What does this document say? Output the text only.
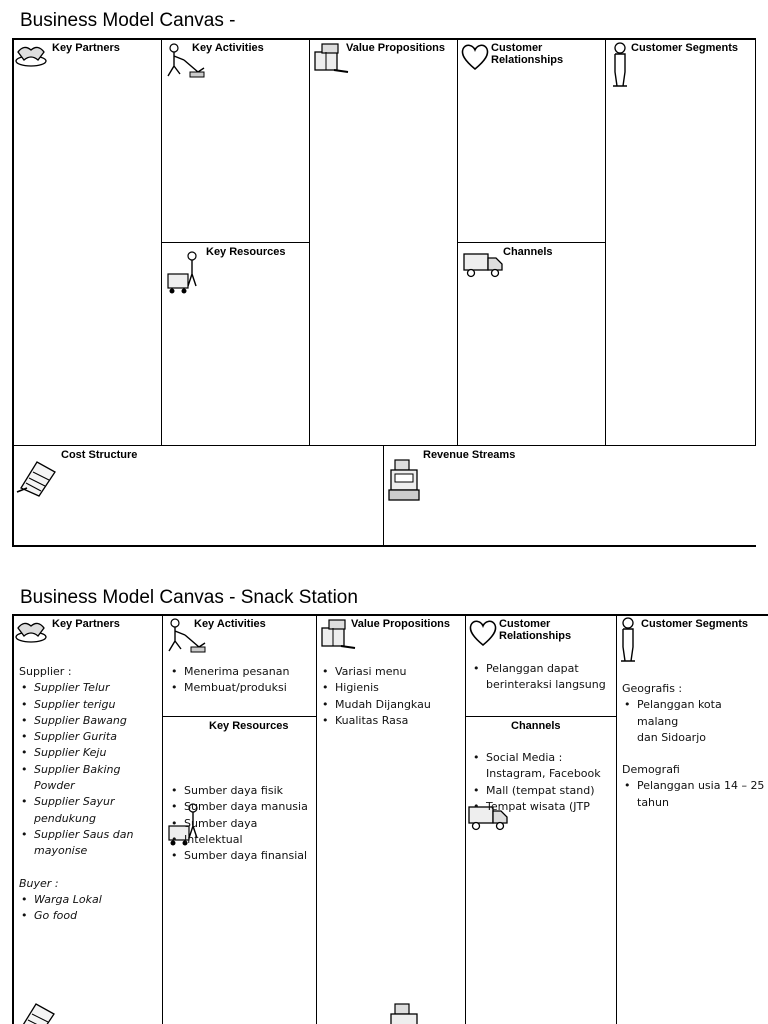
Business Model Canvas -
Key Partners	Key Activities	Value Propositions	Customer
Relationships
Customer Segments
Key Resources	Channels
Cost Structure	Revenue Streams
Business Model Canvas - Snack Station
Key Partners	Key Activities	Value Propositions	Customer
Relationships
Customer Segments
Key Resources	Channels
Supplier :
• Supplier Telur
• Supplier terigu
• Supplier Bawang
• Supplier Gurita
• Supplier Keju
• Supplier Baking
Powder
• Supplier Sayur
pendukung
• Supplier Saus dan
mayonise
Buyer :
• Warga Lokal
• Go food
• Menerima pesanan
• Membuat/produksi
• Sumber daya fisik
• Sumber daya manusia
• Sumber daya
• Intelektual
• Sumber daya finansial
• Variasi menu
• Higienis
• Mudah Dijangkau
• Kualitas Rasa
• Pelanggan dapat
berinteraksi langsung
• Social Media :
Instagram, Facebook
• Mall (tempat stand)
• Tempat wisata (JTP
Geografis :
• Pelanggan kota malang
dan Sidoarjo
Demografi
• Pelanggan usia 14 – 25
tahun
